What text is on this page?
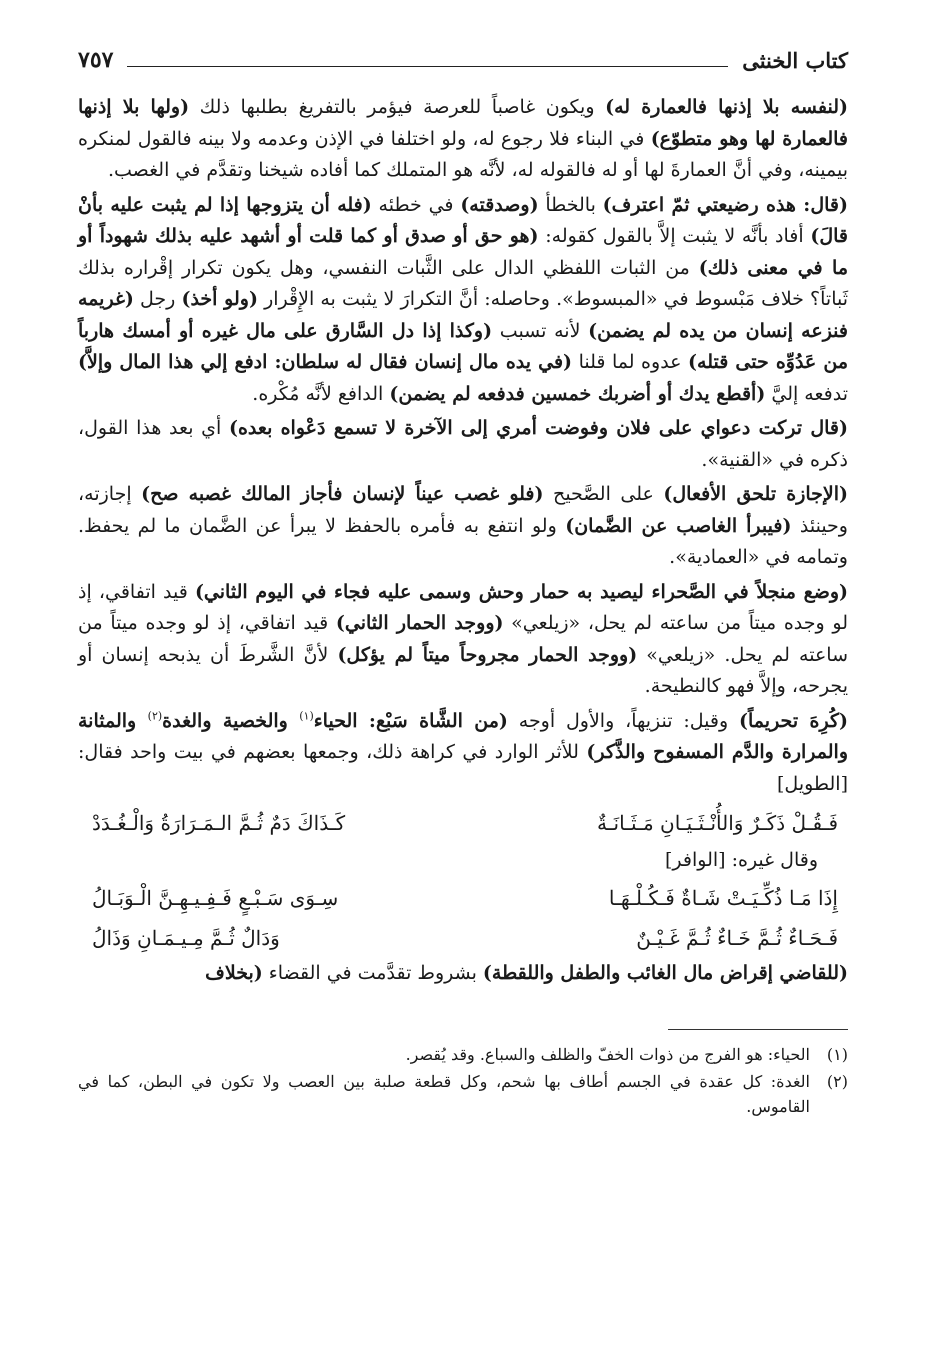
كتاب الخنثى
٧٥٧
(لنفسه بلا إذنها فالعمارة له) ويكون غاصباً للعرصة فيؤمر بالتفريغ بطلبها ذلك (ولها بلا إذنها فالعمارة لها وهو متطوّع) في البناء فلا رجوع له، ولو اختلفا في الإذن وعدمه ولا بينه فالقول لمنكره بيمينه، وفي أنَّ العمارةَ لها أو له فالقوله له، لأنَّه هو المتملك كما أفاده شيخنا وتقدَّم في الغصب.
(قال: هذه رضيعتي ثمّ اعترف) بالخطأ (وصدقته) في خطئه (فله أن يتزوجها إذا لم يثبت عليه بأنْ قالَ) أفاد بأنَّه لا يثبت إلاَّ بالقول كقوله: (هو حق أو صدق أو كما قلت أو أشهد عليه بذلك شهوداً أو ما في معنى ذلك) من الثبات اللفظي الدال على الثَّبات النفسي، وهل يكون تكرار إقْراره بذلك ثَباتاً؟ خلاف مَبْسوط في «المبسوط». وحاصله: أنَّ التكرارَ لا يثبت به الإِقْرار (ولو أخذ) رجل (غريمه فنزعه إنسان من يده لم يضمن) لأنه تسبب (وكذا إذا دل السَّارق على مال غيره أو أمسك هارباً من عَدُوِّه حتى قتله) عدوه لما قلنا (في يده مال إنسان فقال له سلطان: ادفع إلي هذا المال وإلاَّ) تدفعه إليَّ (أقطع يدك أو أضربك خمسين فدفعه لم يضمن) الدافع لأنَّه مُكْره.
(قال تركت دعواي على فلان وفوضت أمري إلى الآخرة لا تسمع دَعْواه بعده) أي بعد هذا القول، ذكره في «القنية».
(الإجازة تلحق الأفعال) على الصَّحيح (فلو غصب عيناً لإنسان فأجاز المالك غصبه صح) إجازته، وحينئذ (فيبرأ الغاصب عن الضَّمان) ولو انتفع به فأمره بالحفظ لا يبرأ عن الضَّمان ما لم يحفظ. وتمامه في «العمادية».
(وضع منجلاً في الصَّحراء ليصيد به حمار وحش وسمى عليه فجاء في اليوم الثاني) قيد اتفاقي، إذ لو وجده ميتاً من ساعته لم يحل، «زيلعي» (ووجد الحمار الثاني) قيد اتفاقي، إذ لو وجده ميتاً من ساعته لم يحل. «زيلعي» (ووجد الحمار مجروحاً ميتاً لم يؤكل) لأنَّ الشَّرطَ أن يذبحه إنسان أو يجرحه، وإلاَّ فهو كالنطيحة.
(كُرِهَ تحريماً) وقيل: تنزيهاً، والأول أوجه (من الشَّاة سَبْع: الحياء$^{(١)}$ والخصية والغدة$^{(٢)}$ والمثانة والمرارة والدَّم المسفوح والذَّكر) للأثر الوارد في كراهة ذلك، وجمعها بعضهم في بيت واحد فقال: [الطويل]
فَـقُـلْ ذَكَـرٌ وَالأُنْـثَـيَـانِ مَـثَـانَـةٌ
كَـذَاكَ دَمٌ ثُـمَّ الـمَـرَارَةُ وَالْـغُـدَدْ
وقال غيره: [الوافر]
إِذَا مَـا ذُكِّـيَـتْ شَـاةٌ فَـكُـلْـهَـا
سِـوَى سَـبْـعٍ فَـفِـيـهِـنَّ الْـوَبَـالُ
فَـحَـاءٌ ثُـمَّ خَـاءٌ ثُـمَّ غَـيْـنٌ
وَدَالٌ ثُـمَّ مِـيـمَـانِ وَذَالُ
(للقاضي إقراض مال الغائب والطفل واللقطة) بشروط تقدَّمت في القضاء (بخلاف
(١)
الحياء: هو الفرج من ذوات الخفّ والظلف والسباع. وقد يُقصر.
(٢)
الغدة: كل عقدة في الجسم أطاف بها شحم، وكل قطعة صلبة بين العصب ولا تكون في البطن، كما في القاموس.
